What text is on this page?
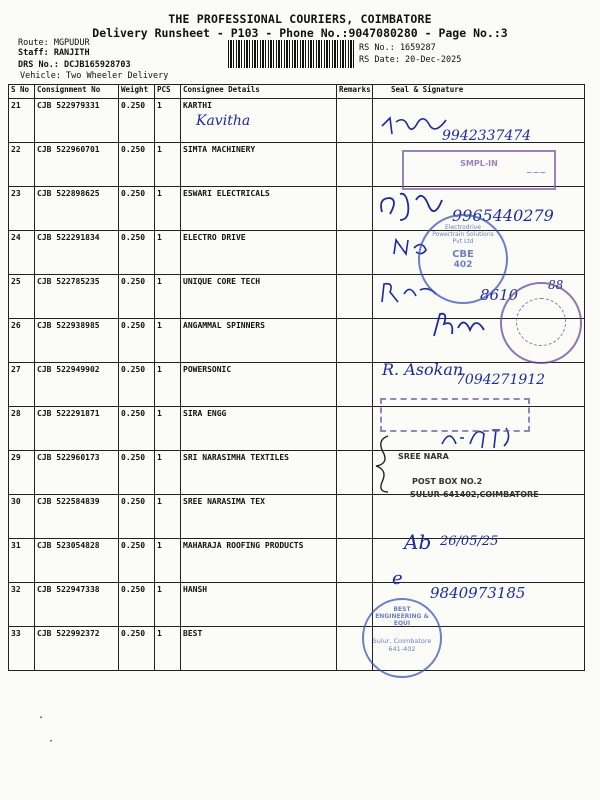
THE PROFESSIONAL COURIERS, COIMBATORE
Delivery Runsheet - P103 - Phone No.:9047080280 - Page No.:3
Route: MGPUDUR
Staff: RANJITH
DRS No.: DCJB165928703
Vehicle: Two Wheeler Delivery
RS No.: 1659287
RS Date: 20-Dec-2025
S No	Consignment No	Weight	PCS	Consignee Details	Remarks	Seal & Signature
21	CJB 522979331	0.250	1	KARTHI		
22	CJB 522960701	0.250	1	SIMTA MACHINERY		
23	CJB 522898625	0.250	1	ESWARI ELECTRICALS		
24	CJB 522291834	0.250	1	ELECTRO DRIVE		
25	CJB 522785235	0.250	1	UNIQUE CORE TECH		
26	CJB 522938985	0.250	1	ANGAMMAL SPINNERS		
27	CJB 522949902	0.250	1	POWERSONIC		
28	CJB 522291871	0.250	1	SIRA ENGG		
29	CJB 522960173	0.250	1	SRI NARASIMHA TEXTILES		
30	CJB 522584839	0.250	1	SREE NARASIMA TEX		
31	CJB 523054828	0.250	1	MAHARAJA ROOFING PRODUCTS		
32	CJB 522947338	0.250	1	HANSH		
33	CJB 522992372	0.250	1	BEST		
Kavitha
9942337474
9965440279
8610
88
R. Asokan
7094271912
Ab 26/05/25
e
9840973185
SMPL-IN
~~~
Electrodrive Powertrain Solutions Pvt Ltd
CBE
402
SREE NARA
POST BOX NO.2
SULUR-641402,COIMBATORE
BEST ENGINEERING & EQUI
Sulur, Coimbatore
641-402
.
·
